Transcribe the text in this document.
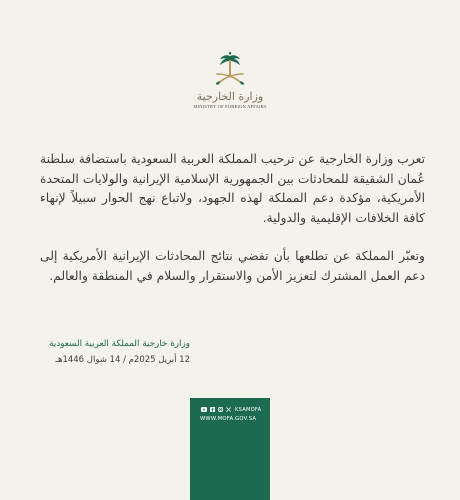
وزارة الخارجية
MINISTRY OF FOREIGN AFFAIRS

تعرب وزارة الخارجية عن ترحيب المملكة العربية السعودية باستضافة سلطنة عُمان الشقيقة للمحادثات بين الجمهورية الإسلامية الإيرانية والولايات المتحدة الأمريكية، مؤكدة دعم المملكة لهذه الجهود، ولاتباع نهج الحوار سبيلاً لإنهاء كافة الخلافات الإقليمية والدولية.

وتعبّر المملكة عن تطلعها بأن تفضي نتائج المحادثات الإيرانية الأمريكية إلى دعم العمل المشترك لتعزيز الأمن والاستقرار والسلام في المنطقة والعالم.

وزارة خارجية المملكة العربية السعودية
12 أبريل 2025م / 14 شوال 1446هـ
KSAMOFA
WWW.MOFA.GOV.SA
